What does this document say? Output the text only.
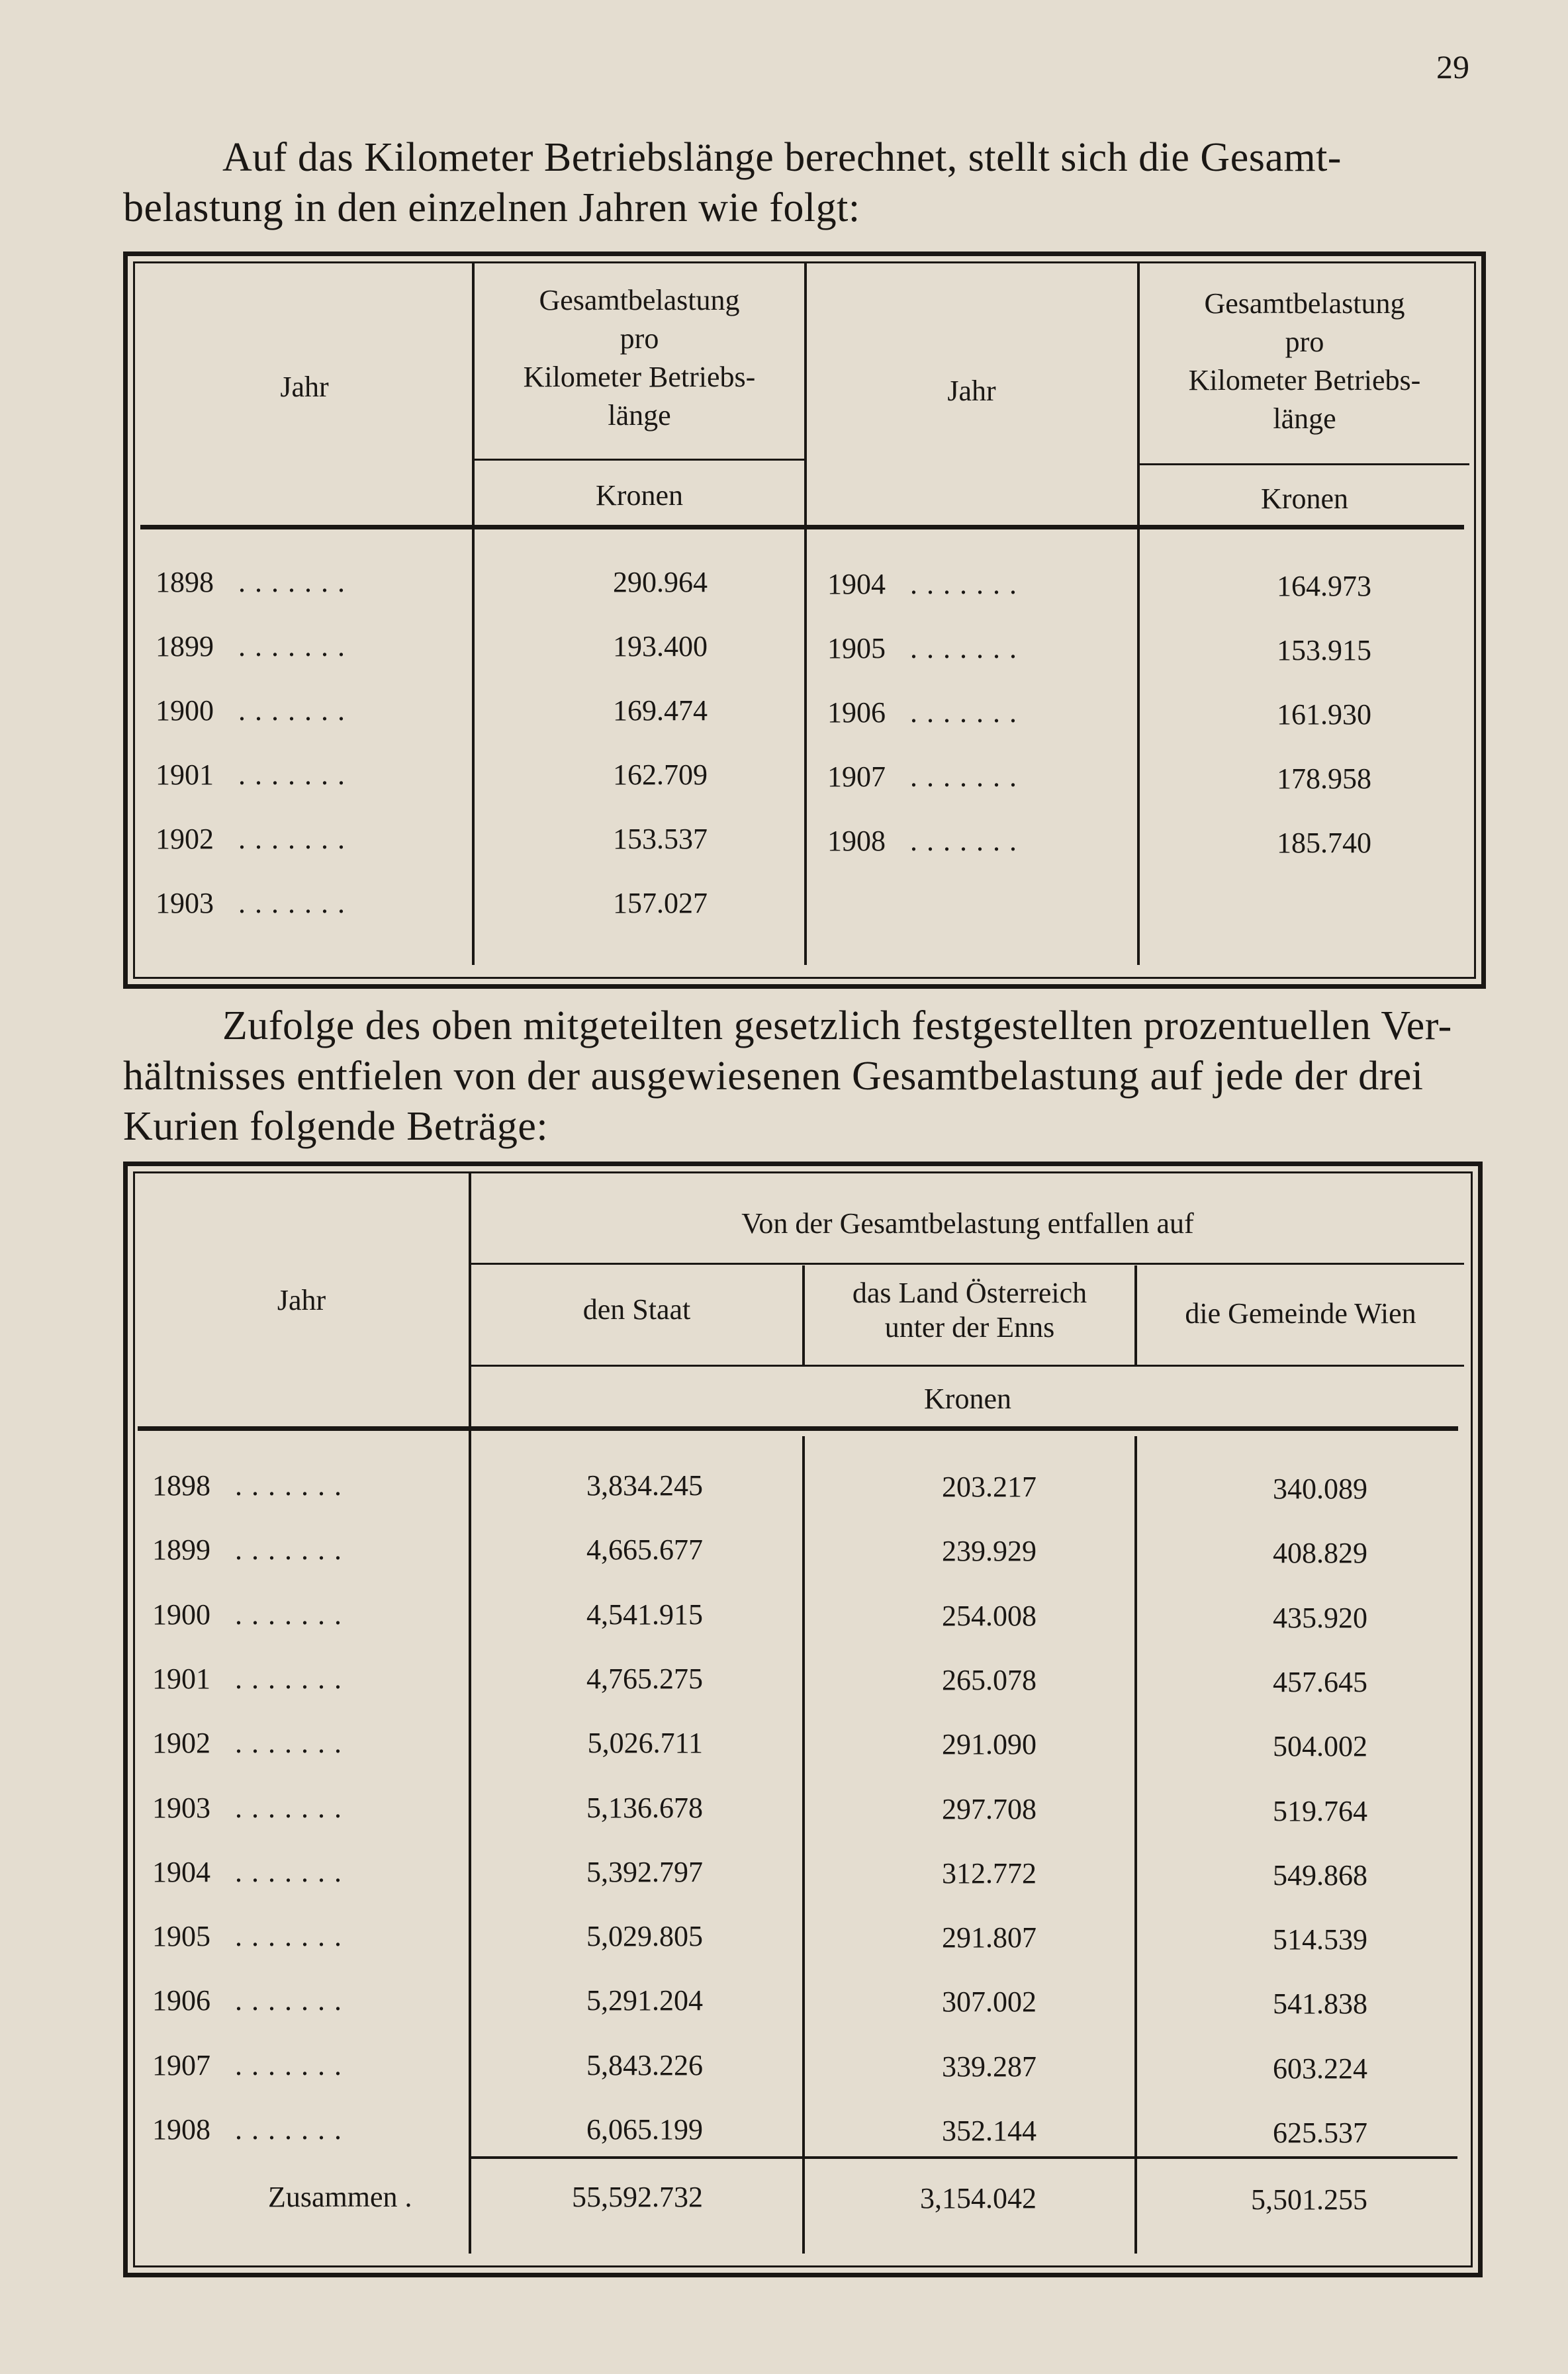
29
Auf das Kilometer Betriebslänge berechnet, stellt sich die Gesamt-
belastung in den einzelnen Jahren wie folgt:
Jahr
Gesamtbelastung
pro
Kilometer Betriebs-
länge
Kronen
Jahr
Gesamtbelastung
pro
Kilometer Betriebs-
länge
Kronen
1898 .......	290.964
1899 .......	193.400
1900 .......	169.474
1901 .......	162.709
1902 .......	153.537
1903 .......	157.027
1904 .......	164.973
1905 .......	153.915
1906 .......	161.930
1907 .......	178.958
1908 .......	185.740
Zufolge des oben mitgeteilten gesetzlich festgestellten prozentuellen Ver-
hältnisses entfielen von der ausgewiesenen Gesamtbelastung auf jede der drei
Kurien folgende Beträge:
Jahr
Von der Gesamtbelastung entfallen auf
den Staat
das Land Österreich
unter der Enns	die Gemeinde Wien
Kronen
1898 .......	3,834.245	203.217	340.089
1899 .......	4,665.677	239.929	408.829
1900 .......	4,541.915	254.008	435.920
1901 .......	4,765.275	265.078	457.645
1902 .......	5,026.711	291.090	504.002
1903 .......	5,136.678	297.708	519.764
1904 .......	5,392.797	312.772	549.868
1905 .......	5,029.805	291.807	514.539
1906 .......	5,291.204	307.002	541.838
1907 .......	5,843.226	339.287	603.224
1908 .......	6,065.199	352.144	625.537
Zusammen .	55,592.732	3,154.042	5,501.255
